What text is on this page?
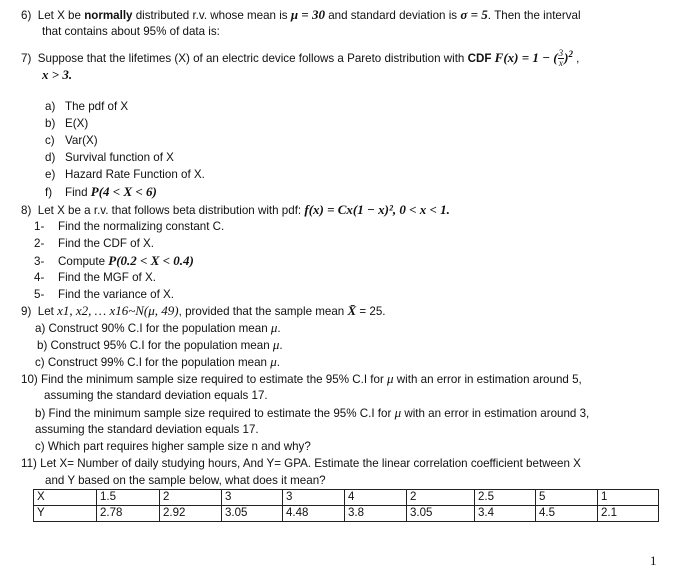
6) Let X be normally distributed r.v. whose mean is μ = 30 and standard deviation is σ = 5. Then the interval
that contains about 95% of data is:
7) Suppose that the lifetimes (X) of an electric device follows a Pareto distribution with CDF F(x) = 1 − ( $\frac{3}{x} )^2$ ,
x > 3.
a) The pdf of X
b) E(X)
c) Var(X)
d) Survival function of X
e) Hazard Rate Function of X.
f) Find P(4 < X < 6)
8) Let X be a r.v. that follows beta distribution with pdf: f(x) = Cx(1 − x)², 0 < x < 1.
1- Find the normalizing constant C.
2- Find the CDF of X.
3- Compute P(0.2 < X < 0.4)
4- Find the MGF of X.
5- Find the variance of X.
9) Let x1, x2, … x16~N(μ, 49), provided that the sample mean X̄ = 25.
a) Construct 90% C.I for the population mean μ.
b) Construct 95% C.I for the population mean μ.
c) Construct 99% C.I for the population mean μ.
10) Find the minimum sample size required to estimate the 95% C.I for μ with an error in estimation around 5,
assuming the standard deviation equals 17.
b) Find the minimum sample size required to estimate the 95% C.I for μ with an error in estimation around 3,
assuming the standard deviation equals 17.
c) Which part requires higher sample size n and why?
11) Let X= Number of daily studying hours, And Y= GPA. Estimate the linear correlation coefficient between X
and Y based on the sample below, what does it mean?
X	1.5	2	3	3	4	2	2.5	5	1
Y	2.78	2.92	3.05	4.48	3.8	3.05	3.4	4.5	2.1
1
